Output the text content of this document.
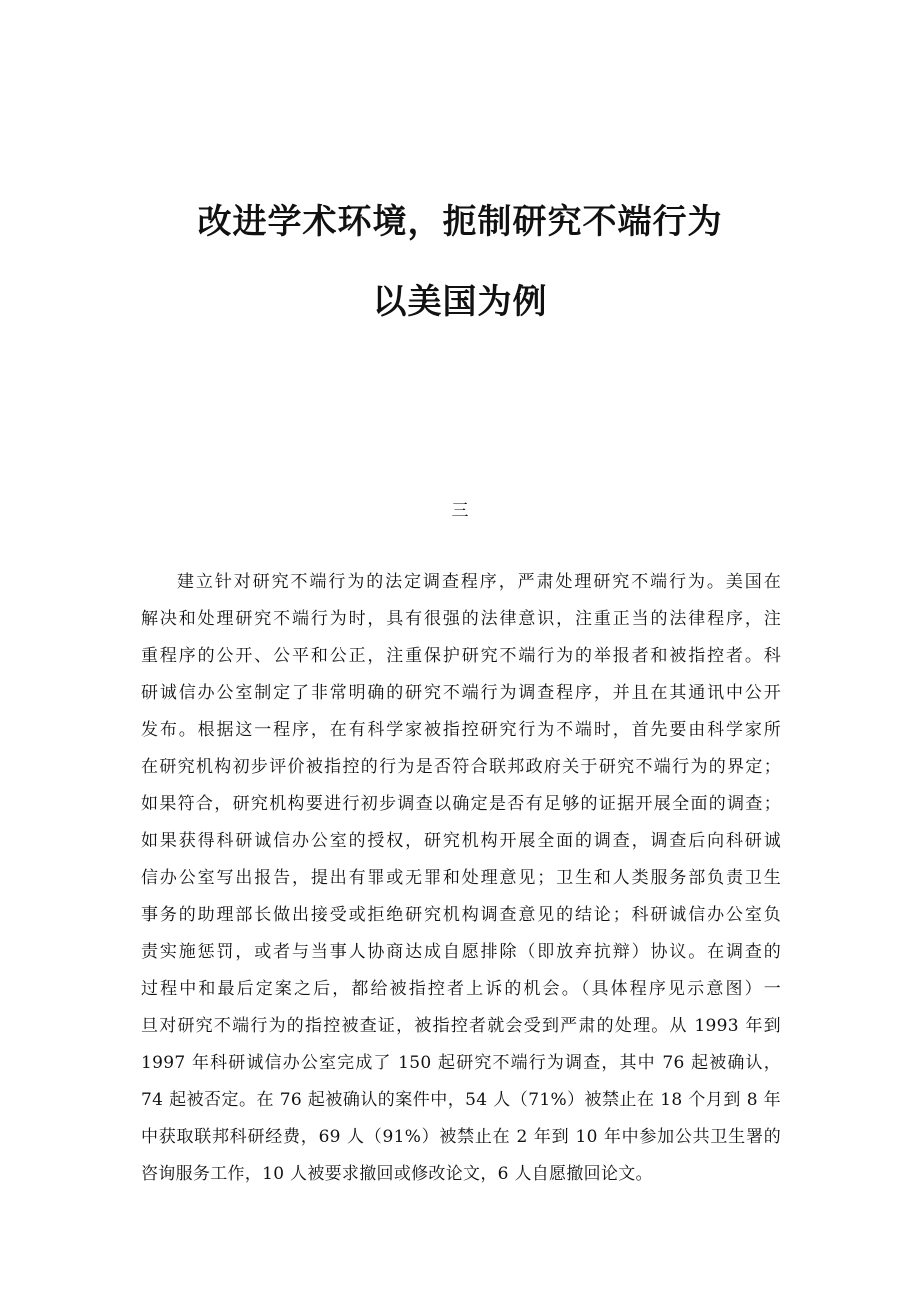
改进学术环境，扼制研究不端行为
以美国为例

三

建立针对研究不端行为的法定调查程序，严肃处理研究不端行为。美国在
解决和处理研究不端行为时，具有很强的法律意识，注重正当的法律程序，注
重程序的公开、公平和公正，注重保护研究不端行为的举报者和被指控者。科
研诚信办公室制定了非常明确的研究不端行为调查程序，并且在其通讯中公开
发布。根据这一程序，在有科学家被指控研究行为不端时，首先要由科学家所
在研究机构初步评价被指控的行为是否符合联邦政府关于研究不端行为的界定；
如果符合，研究机构要进行初步调查以确定是否有足够的证据开展全面的调查；
如果获得科研诚信办公室的授权，研究机构开展全面的调查，调查后向科研诚
信办公室写出报告，提出有罪或无罪和处理意见；卫生和人类服务部负责卫生
事务的助理部长做出接受或拒绝研究机构调查意见的结论；科研诚信办公室负
责实施惩罚，或者与当事人协商达成自愿排除（即放弃抗辩）协议。在调查的
过程中和最后定案之后，都给被指控者上诉的机会。（具体程序见示意图）一
旦对研究不端行为的指控被查证，被指控者就会受到严肃的处理。从 1993 年到
1997 年科研诚信办公室完成了 150 起研究不端行为调查，其中 76 起被确认，
74 起被否定。在 76 起被确认的案件中，54 人（71%）被禁止在 18 个月到 8 年
中获取联邦科研经费，69 人（91%）被禁止在 2 年到 10 年中参加公共卫生署的
咨询服务工作，10 人被要求撤回或修改论文，6 人自愿撤回论文。
